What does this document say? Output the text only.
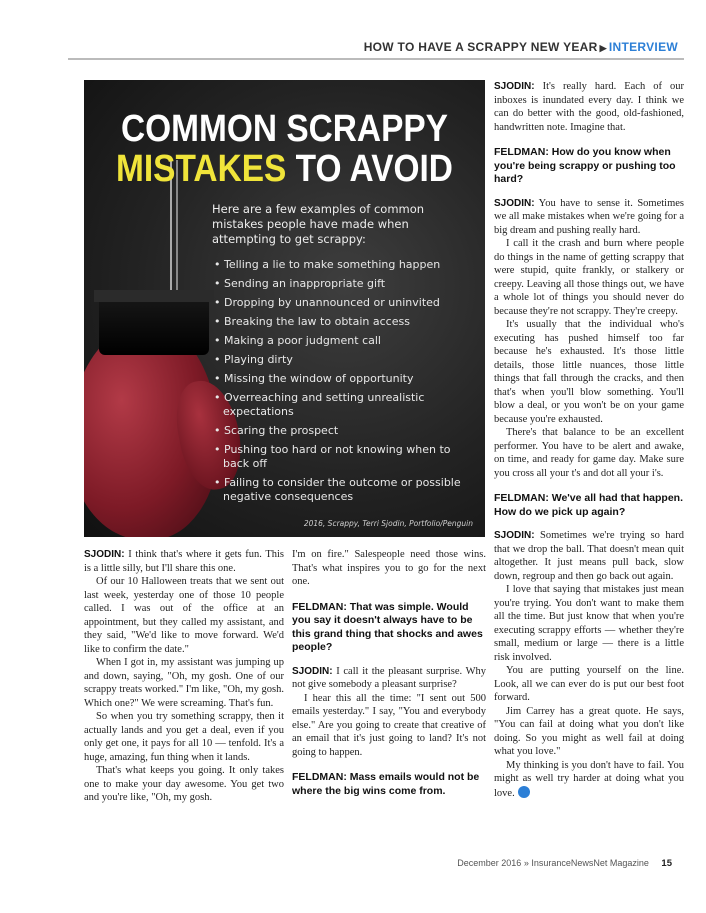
HOW TO HAVE A SCRAPPY NEW YEAR ▶ INTERVIEW
COMMON SCRAPPY
MISTAKES TO AVOID
Here are a few examples of common mistakes people have made when attempting to get scrappy:
• Telling a lie to make something happen
• Sending an inappropriate gift
• Dropping by unannounced or uninvited
• Breaking the law to obtain access
• Making a poor judgment call
• Playing dirty
• Missing the window of opportunity
• Overreaching and setting unrealistic expectations
• Scaring the prospect
• Pushing too hard or not knowing when to back off
• Failing to consider the outcome or possible negative consequences
2016, Scrappy, Terri Sjodin, Portfolio/Penguin

SJODIN: I think that's where it gets fun. This is a little silly, but I'll share this one.

Of our 10 Halloween treats that we sent out last week, yesterday one of those 10 people called. I was out of the office at an appointment, but they called my assistant, and they said, "We'd like to move forward. We'd like to confirm the date."

When I got in, my assistant was jumping up and down, saying, "Oh, my gosh. One of our scrappy treats worked." I'm like, "Oh, my gosh. Which one?" We were screaming. That's fun.

So when you try something scrappy, then it actually lands and you get a deal, even if you only get one, it pays for all 10 — tenfold. It's a huge, amazing, fun thing when it lands.

That's what keeps you going. It only takes one to make your day awesome. You get two and you're like, "Oh, my gosh.

I'm on fire." Salespeople need those wins. That's what inspires you to go for the next one.

FELDMAN: That was simple. Would you say it doesn't always have to be this grand thing that shocks and awes people?

SJODIN: I call it the pleasant surprise. Why not give somebody a pleasant surprise?

I hear this all the time: "I sent out 500 emails yesterday." I say, "You and everybody else." Are you going to create that creative of an email that it's just going to land? It's not going to happen.

FELDMAN: Mass emails would not be where the big wins come from.

SJODIN: It's really hard. Each of our inboxes is inundated every day. I think we can do better with the good, old-fashioned, handwritten note. Imagine that.

FELDMAN: How do you know when you're being scrappy or pushing too hard?

SJODIN: You have to sense it. Sometimes we all make mistakes when we're going for a big dream and pushing really hard.

I call it the crash and burn where people do things in the name of getting scrappy that were stupid, quite frankly, or stalkery or creepy. Leaving all those things out, we have a whole lot of things you should never do because they're not scrappy. They're creepy.

It's usually that the individual who's executing has pushed himself too far because he's exhausted. It's those little details, those little nuances, those little things that fall through the cracks, and then that's when you'll blow something. You'll blow a deal, or you won't be on your game because you're exhausted.

There's that balance to be an excellent performer. You have to be alert and awake, on time, and ready for game day. Make sure you cross all your t's and dot all your i's.

FELDMAN: We've all had that happen. How do we pick up again?

SJODIN: Sometimes we're trying so hard that we drop the ball. That doesn't mean quit altogether. It just means pull back, slow down, regroup and then go back out again.

I love that saying that mistakes just mean you're trying. You don't want to make them all the time. But just know that when you're executing scrappy efforts — whether they're small, medium or large — there is a little risk involved.

You are putting yourself on the line. Look, all we can ever do is put our best foot forward.

Jim Carrey has a great quote. He says, "You can fail at doing what you don't like doing. So you might as well fail at doing what you love."

My thinking is you don't have to fail. You might as well try harder at doing what you love.

December 2016 » InsuranceNewsNet Magazine 15
